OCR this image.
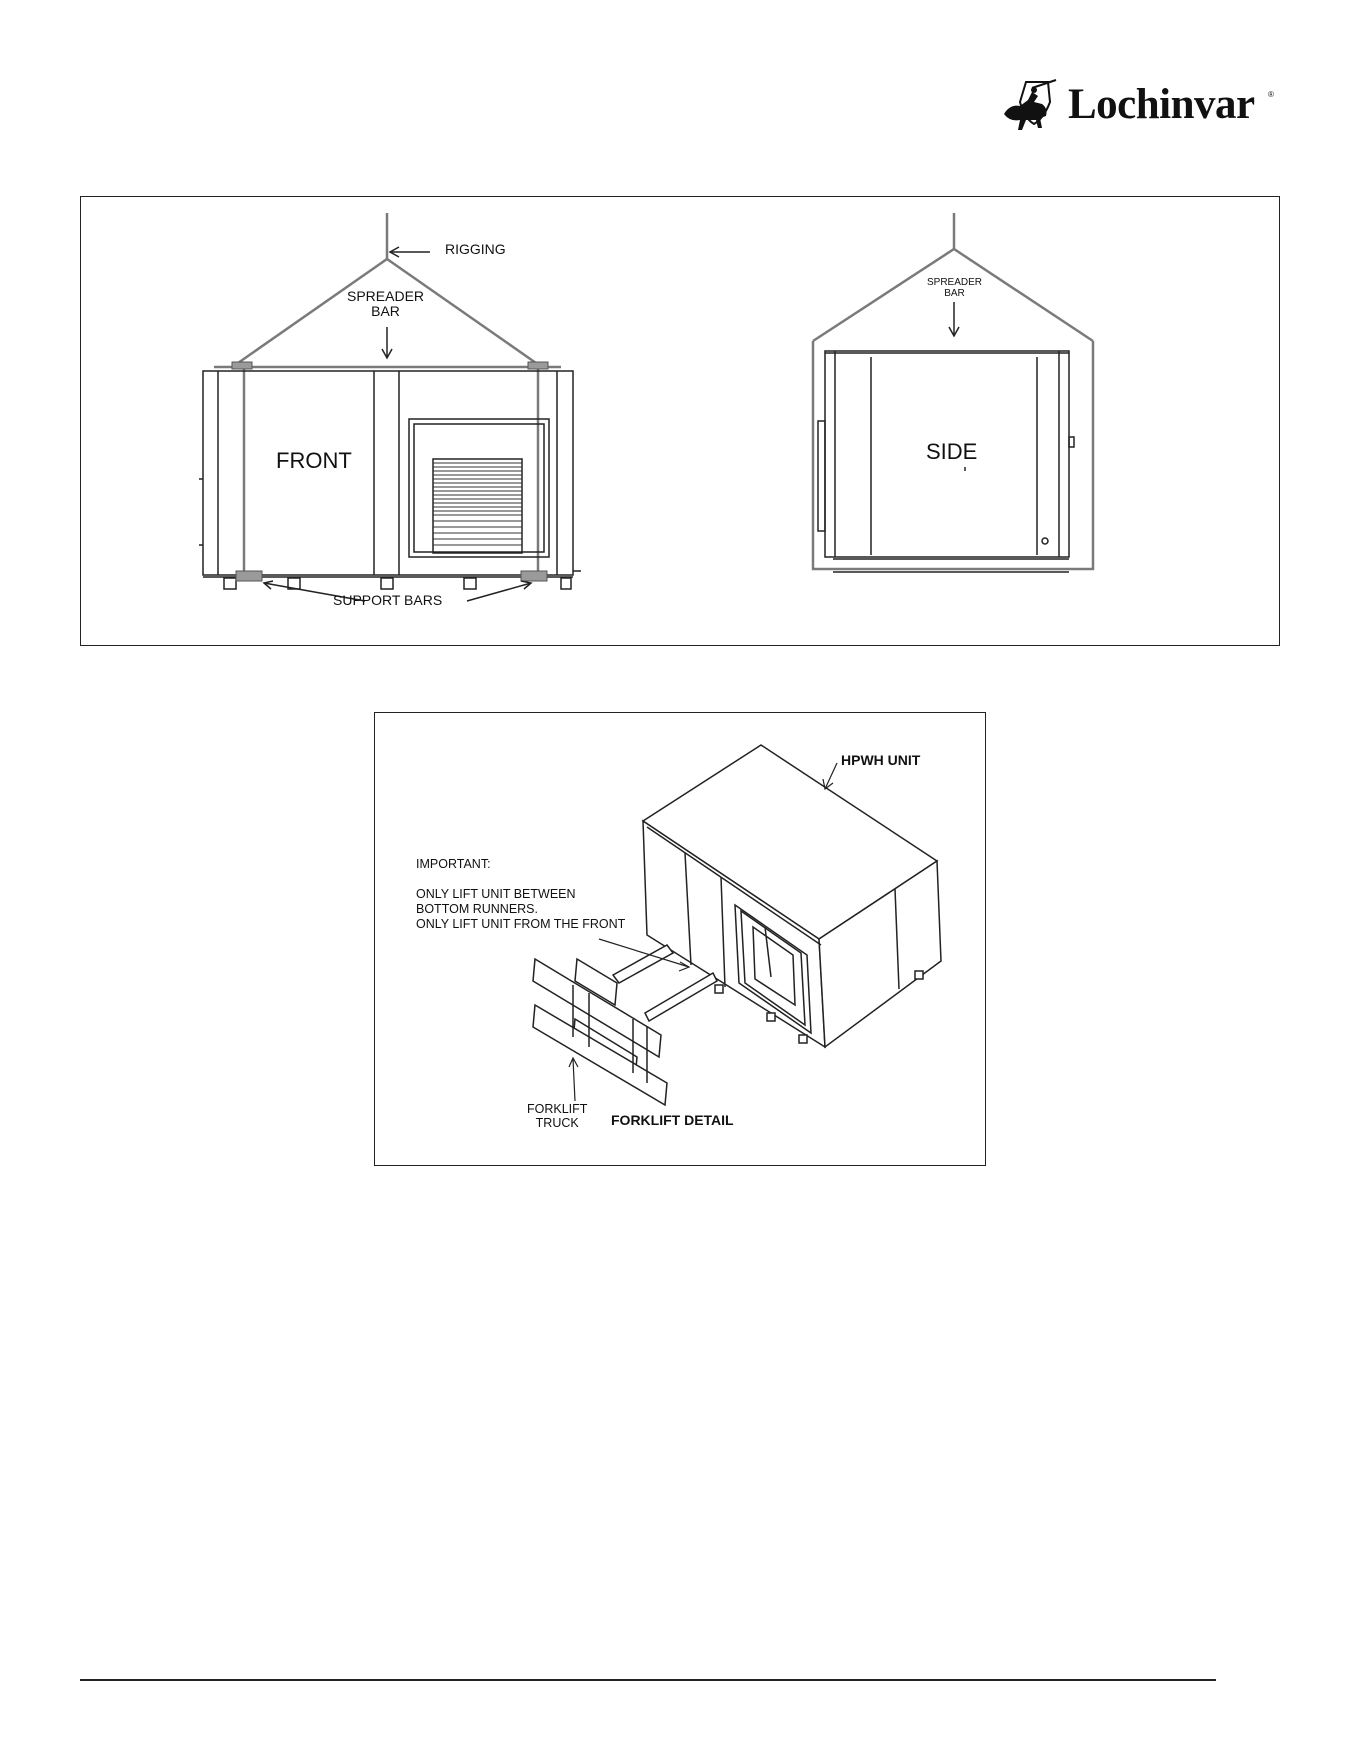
Lochinvar ®
RIGGING
SPREADER
BAR
FRONT
SUPPORT BARS
SPREADER
BAR
SIDE
HPWH UNIT
IMPORTANT:
ONLY LIFT UNIT BETWEEN
BOTTOM RUNNERS.
ONLY LIFT UNIT FROM THE FRONT
FORKLIFT
TRUCK	FORKLIFT DETAIL
